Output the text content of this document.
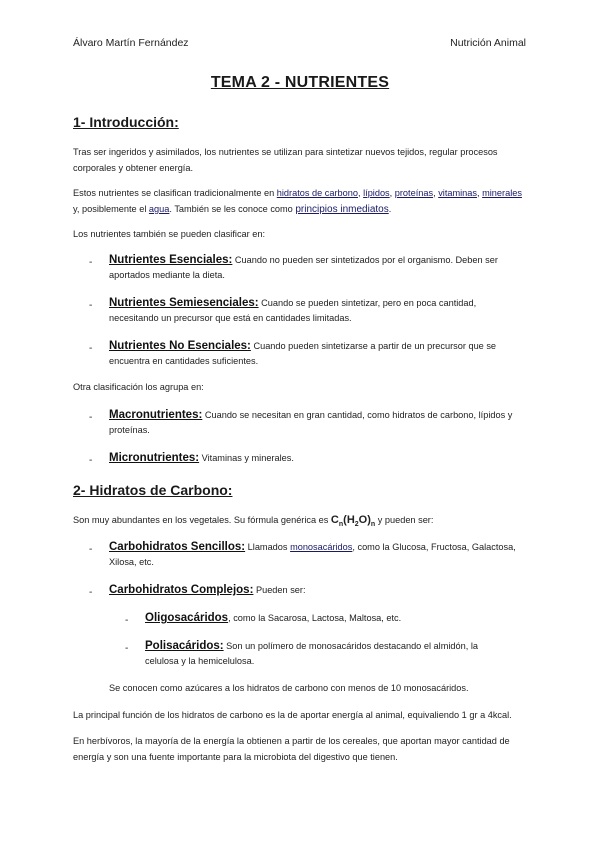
Álvaro Martín Fernández	Nutrición Animal
TEMA 2 - NUTRIENTES
1- Introducción:
Tras ser ingeridos y asimilados, los nutrientes se utilizan para sintetizar nuevos tejidos, regular procesos corporales y obtener energía.
Estos nutrientes se clasifican tradicionalmente en hidratos de carbono, lípidos, proteínas, vitaminas, minerales y, posiblemente el agua. También se les conoce como principios inmediatos.
Los nutrientes también se pueden clasificar en:
- Nutrientes Esenciales: Cuando no pueden ser sintetizados por el organismo. Deben ser aportados mediante la dieta.
- Nutrientes Semiesenciales: Cuando se pueden sintetizar, pero en poca cantidad, necesitando un precursor que está en cantidades limitadas.
- Nutrientes No Esenciales: Cuando pueden sintetizarse a partir de un precursor que se encuentra en cantidades suficientes.
Otra clasificación los agrupa en:
- Macronutrientes: Cuando se necesitan en gran cantidad, como hidratos de carbono, lípidos y proteínas.
- Micronutrientes: Vitaminas y minerales.
2- Hidratos de Carbono:
Son muy abundantes en los vegetales. Su fórmula genérica es $C_n(H_2O)_n$ y pueden ser:
- Carbohidratos Sencillos: Llamados monosacáridos, como la Glucosa, Fructosa, Galactosa, Xilosa, etc.
- Carbohidratos Complejos: Pueden ser:
- Oligosacáridos, como la Sacarosa, Lactosa, Maltosa, etc.
- Polisacáridos: Son un polímero de monosacáridos destacando el almidón, la celulosa y la hemicelulosa.
Se conocen como azúcares a los hidratos de carbono con menos de 10 monosacáridos.
La principal función de los hidratos de carbono es la de aportar energía al animal, equivaliendo 1 gr a 4kcal.
En herbívoros, la mayoría de la energía la obtienen a partir de los cereales, que aportan mayor cantidad de energía y son una fuente importante para la microbiota del digestivo que tienen.
